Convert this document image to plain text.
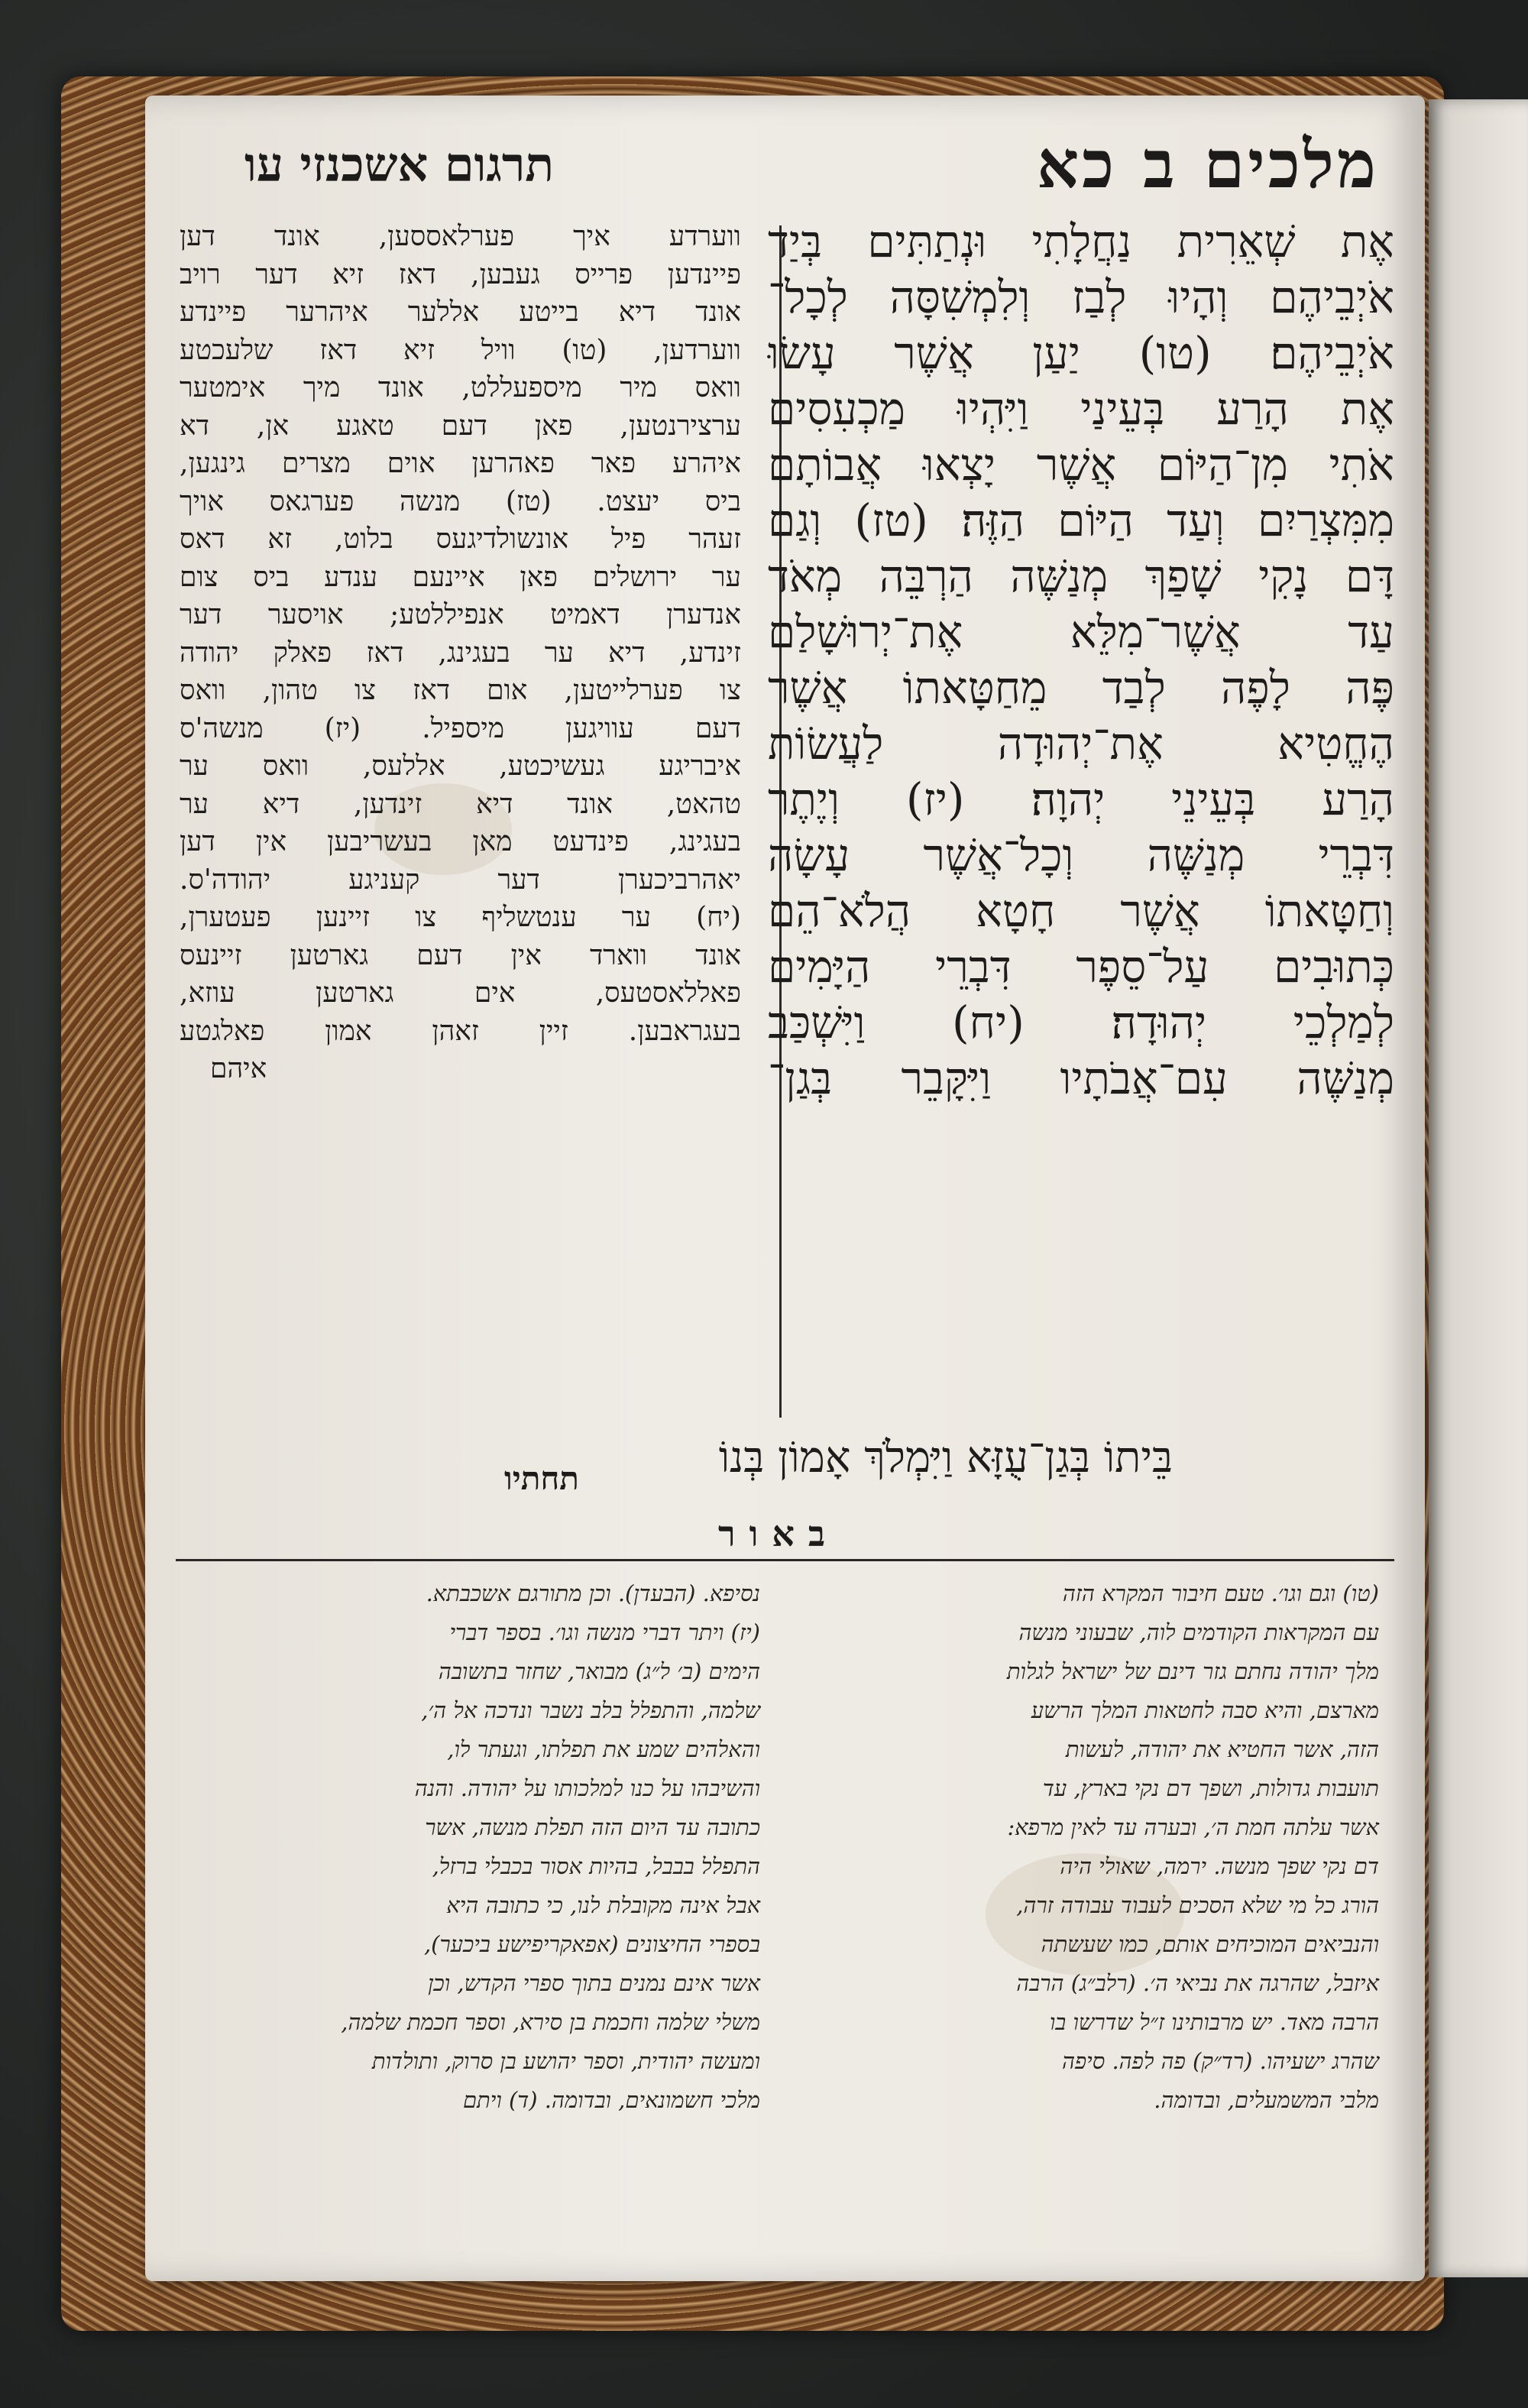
מלכים ב כא
תרגום אשכנזי עו

אֶת שְׁאֵרִית נַחֲלָתִי וּנְתַתִּים בְּיַד

אֹיְבֵיהֶם וְהָיוּ לְבַז וְלִמְשִׁסָּה לְכָל־

אֹיְבֵיהֶם׃ (טו) יַעַן אֲשֶׁר עָשׂוּ

אֶת הָרַע בְּעֵינַי וַיִּהְיוּ מַכְעִסִים

אֹתִי מִן־הַיּוֹם אֲשֶׁר יָצְאוּ אֲבוֹתָם

מִמִּצְרַיִם וְעַד הַיּוֹם הַזֶּה׃ (טז) וְגַם

דָּם נָקִי שָׁפַךְ מְנַשֶּׁה הַרְבֵּה מְאֹד

עַד אֲשֶׁר־מִלֵּא אֶת־יְרוּשָׁלַם

פֶּה לָפֶה לְבַד מֵחַטָּאתוֹ אֲשֶׁר

הֶחֱטִיא אֶת־יְהוּדָה לַעֲשׂוֹת

הָרַע בְּעֵינֵי יְהוָה׃ (יז) וְיֶתֶר

דִּבְרֵי מְנַשֶּׁה וְכָל־אֲשֶׁר עָשָׂה

וְחַטָּאתוֹ אֲשֶׁר חָטָא הֲלֹא־הֵם

כְּתוּבִים עַל־סֵפֶר דִּבְרֵי הַיָּמִים

לְמַלְכֵי יְהוּדָה׃ (יח) וַיִּשְׁכַּב

מְנַשֶּׁה עִם־אֲבֹתָיו וַיִּקָּבֵר בְּגַן־

ווערדע איך פערלאססען, אונד דען

פיינדען פרייס געבען, דאז זיא דער רויב

אונד דיא בייטע אללער איהרער פיינדע

ווערדען, (טו) וויל זיא דאז שלעכטע

וואס מיר מיספעללט, אונד מיך אימטער

ערצירנטען, פאן דעם טאגע אן, דא

איהרע פאר פאהרען אוים מצרים גינגען,

ביס יעצט. (טז) מנשה פערגאס אויך

זעהר פיל אונשולדיגעס בלוט, זא דאס

ער ירושלים פאן איינעם ענדע ביס צום

אנדערן דאמיט אנפיללטע; אויסער דער

זינדע, דיא ער בעגינג, דאז פאלק יהודה

צו פערלייטען, אום דאז צו טהון, וואס

דעם עוויגען מיספיל. (יז) מנשה'ס

איבריגע געשיכטע, אללעס, וואס ער

טהאט, אונד דיא זינדען, דיא ער

בעגינג, פינדעט מאן בעשריבען אין דען

יאהרביכערן דער קעניגע יהודה'ס.

(יח) ער ענטשליף צו זיינען פעטערן,

אונד ווארד אין דעם גארטען זיינעס

פאללאסטעס, אים גארטען עוזא,

בעגראבען. זיין זאהן אמון פאלגטע

איהם

בֵּיתוֹ בְּגַן־עֻזָּא וַיִּמְלֹךְ אָמוֹן בְּנוֹ
תחתיו
באור

(טו) וגם וגו׳. טעם חיבור המקרא הזה

עם המקראות הקודמים לוה, שבעוני מנשה

מלך יהודה נחתם גזר דינם של ישראל לגלות

מארצם, והיא סבה לחטאות המלך הרשע

הזה, אשר החטיא את יהודה, לעשות

תועבות גדולות, ושפך דם נקי בארץ, עד

אשר עלתה חמת ה׳, ובערה עד לאין מרפא:

דם נקי שפך מנשה. ירמה, שאולי היה

הורג כל מי שלא הסכים לעבוד עבודה זרה,

והנביאים המוכיחים אותם, כמו שעשתה

איזבל, שהרגה את נביאי ה׳. (רלב״ג) הרבה

הרבה מאד. יש מרבותינו ז״ל שדרשו בו

שהרג ישעיהו. (רד״ק) פה לפה. סיפה

מלבי המשמעלים, ובדומה.

נסיפא. (הבעדן). וכן מתורגם אשכבתא.

(יז) ויתר דברי מנשה וגו׳. בספר דברי

הימים (ב׳ ל״ג) מבואר, שחזר בתשובה

שלמה, והתפלל בלב נשבר ונדכה אל ה׳,

והאלהים שמע את תפלתו, וגעתר לו,

והשיבהו על כנו למלכותו על יהודה. והנה

כתובה עד היום הזה תפלת מנשה, אשר

התפלל בבבל, בהיות אסור בכבלי ברזל,

אבל אינה מקובלת לנו, כי כתובה היא

בספרי החיצונים (אפאקריפישע ביכער),

אשר אינם נמנים בתוך ספרי הקדש, וכן

משלי שלמה וחכמת בן סירא, וספר חכמת שלמה,

ומעשה יהודית, וספר יהושע בן סרוק, ותולדות

מלכי חשמונאים, ובדומה. (ד) ויתם
